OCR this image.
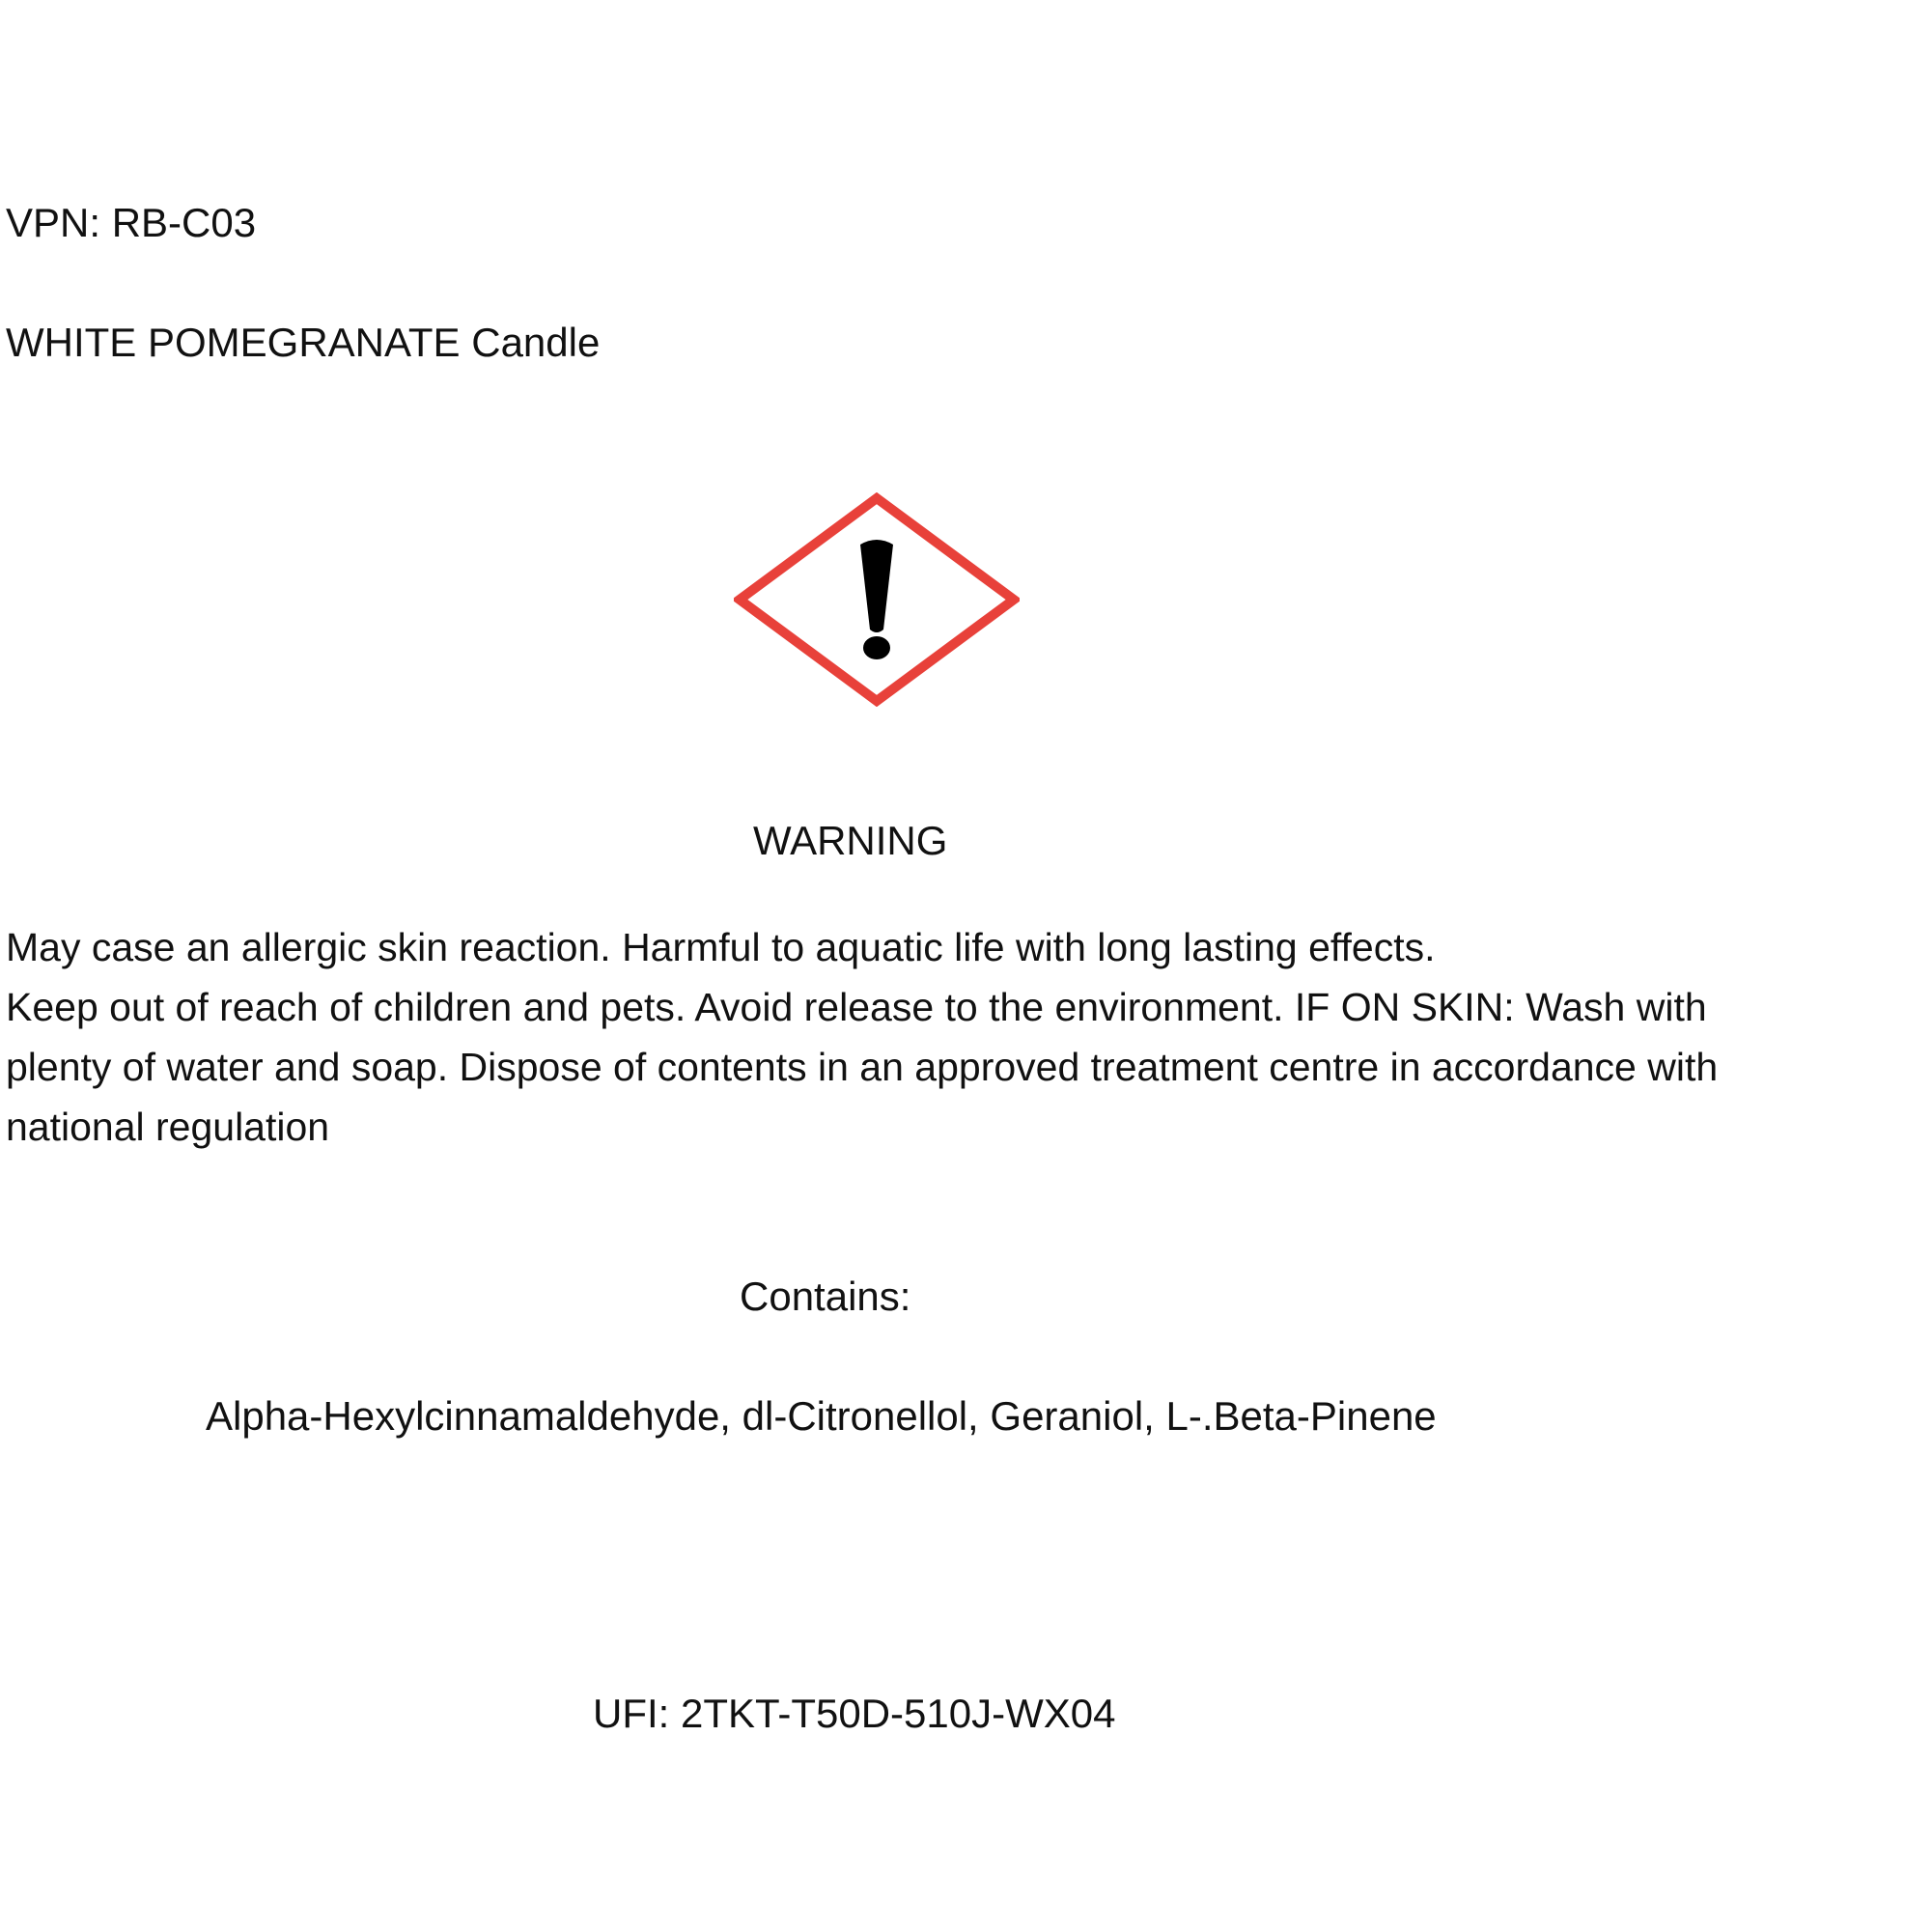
VPN: RB-C03
WHITE POMEGRANATE Candle
WARNING

May case an allergic skin reaction. Harmful to aquatic life with long lasting effects.
Keep out of reach of children and pets. Avoid release to the environment. IF ON SKIN: Wash with
plenty of water and soap. Dispose of contents in an approved treatment centre in accordance with
national regulation

Contains:
Alpha-Hexylcinnamaldehyde, dl-Citronellol, Geraniol, L-.Beta-Pinene
UFI: 2TKT-T50D-510J-WX04
